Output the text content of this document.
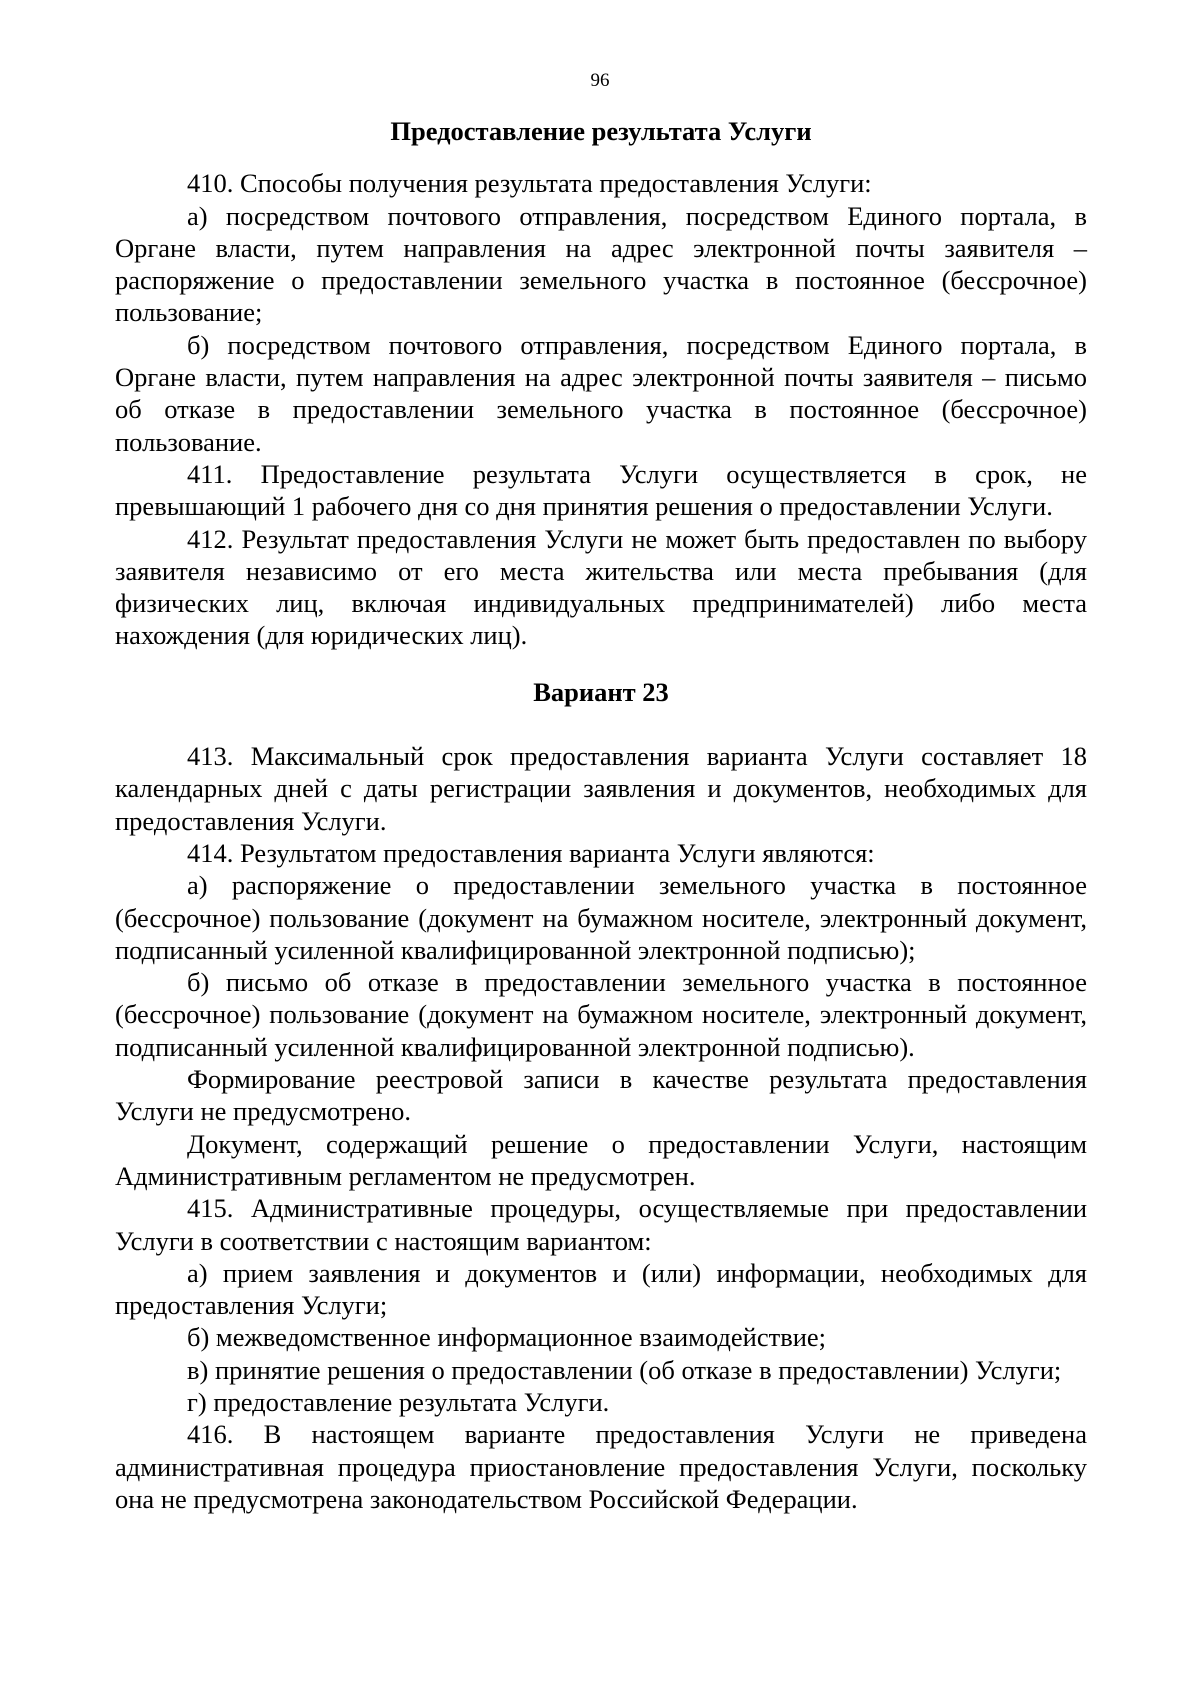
96
Предоставление результата Услуги

410. Способы получения результата предоставления Услуги:

а) посредством почтового отправления, посредством Единого портала, в Органе власти, путем направления на адрес электронной почты заявителя – распоряжение о предоставлении земельного участка в постоянное (бессрочное) пользование;

б) посредством почтового отправления, посредством Единого портала, в Органе власти, путем направления на адрес электронной почты заявителя – письмо об отказе в предоставлении земельного участка в постоянное (бессрочное) пользование.

411. Предоставление результата Услуги осуществляется в срок, не превышающий 1 рабочего дня со дня принятия решения о предоставлении Услуги.

412. Результат предоставления Услуги не может быть предоставлен по выбору заявителя независимо от его места жительства или места пребывания (для физических лиц, включая индивидуальных предпринимателей) либо места нахождения (для юридических лиц).

Вариант 23

413. Максимальный срок предоставления варианта Услуги составляет 18 календарных дней с даты регистрации заявления и документов, необходимых для предоставления Услуги.

414. Результатом предоставления варианта Услуги являются:

а) распоряжение о предоставлении земельного участка в постоянное (бессрочное) пользование (документ на бумажном носителе, электронный документ, подписанный усиленной квалифицированной электронной подписью);

б) письмо об отказе в предоставлении земельного участка в постоянное (бессрочное) пользование (документ на бумажном носителе, электронный документ, подписанный усиленной квалифицированной электронной подписью).

Формирование реестровой записи в качестве результата предоставления Услуги не предусмотрено.

Документ, содержащий решение о предоставлении Услуги, настоящим Административным регламентом не предусмотрен.

415. Административные процедуры, осуществляемые при предоставлении Услуги в соответствии с настоящим вариантом:

а) прием заявления и документов и (или) информации, необходимых для предоставления Услуги;

б) межведомственное информационное взаимодействие;

в) принятие решения о предоставлении (об отказе в предоставлении) Услуги;

г) предоставление результата Услуги.

416. В настоящем варианте предоставления Услуги не приведена административная процедура приостановление предоставления Услуги, поскольку она не предусмотрена законодательством Российской Федерации.
